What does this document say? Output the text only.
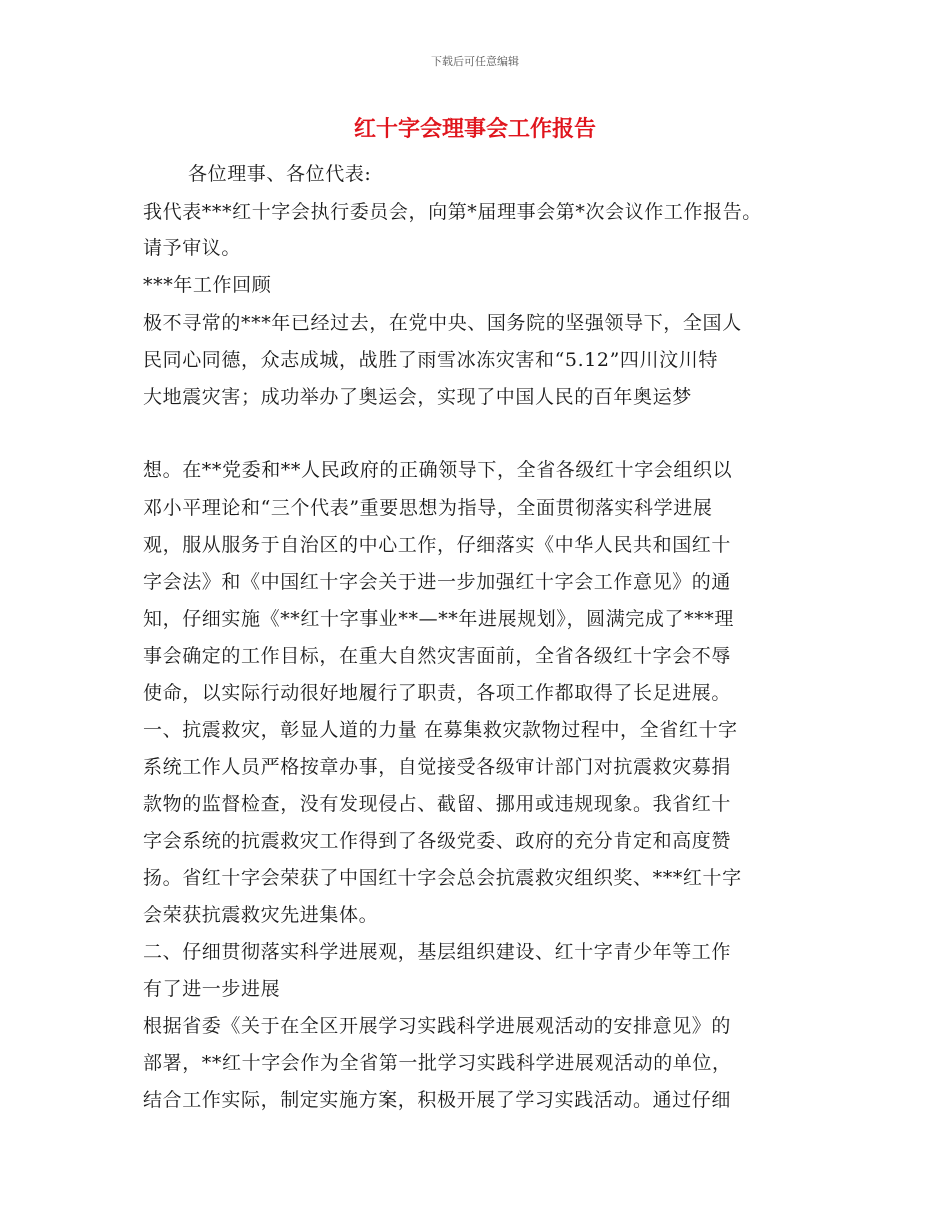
下载后可任意编辑
红十字会理事会工作报告
各位理事、各位代表:
我代表***红十字会执行委员会，向第*届理事会第*次会议作工作报告。
请予审议。
***年工作回顾
极不寻常的***年已经过去，在党中央、国务院的坚强领导下，全国人
民同心同德，众志成城，战胜了雨雪冰冻灾害和“5.12”四川汶川特
大地震灾害；成功举办了奥运会，实现了中国人民的百年奥运梦
想。在**党委和**人民政府的正确领导下，全省各级红十字会组织以
邓小平理论和“三个代表”重要思想为指导，全面贯彻落实科学进展
观，服从服务于自治区的中心工作，仔细落实《中华人民共和国红十
字会法》和《中国红十字会关于进一步加强红十字会工作意见》的通
知，仔细实施《**红十字事业**—**年进展规划》，圆满完成了***理
事会确定的工作目标，在重大自然灾害面前，全省各级红十字会不辱
使命，以实际行动很好地履行了职责，各项工作都取得了长足进展。
一、抗震救灾，彰显人道的力量 在募集救灾款物过程中，全省红十字
系统工作人员严格按章办事，自觉接受各级审计部门对抗震救灾募捐
款物的监督检查，没有发现侵占、截留、挪用或违规现象。我省红十
字会系统的抗震救灾工作得到了各级党委、政府的充分肯定和高度赞
扬。省红十字会荣获了中国红十字会总会抗震救灾组织奖、***红十字
会荣获抗震救灾先进集体。
二、仔细贯彻落实科学进展观，基层组织建设、红十字青少年等工作
有了进一步进展
根据省委《关于在全区开展学习实践科学进展观活动的安排意见》的
部署，**红十字会作为全省第一批学习实践科学进展观活动的单位，
结合工作实际，制定实施方案，积极开展了学习实践活动。通过仔细
